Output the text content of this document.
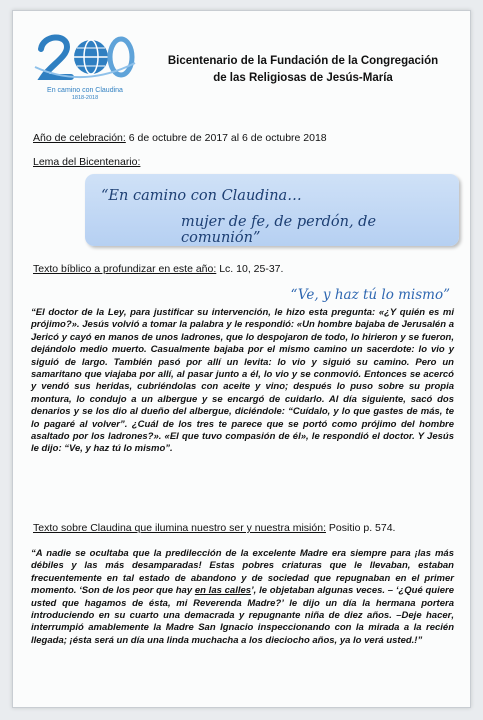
En camino con Claudina
1818-2018
Bicentenario de la Fundación de la Congregación
de las Religiosas de Jesús-María
Año de celebración: 6 de octubre de 2017 al 6 de octubre 2018
Lema del Bicentenario:
“En camino con Claudina…
mujer de fe, de perdón, de comunión”
Texto bíblico a profundizar en este año: Lc. 10, 25-37.
“Ve, y haz tú lo mismo”
“El doctor de la Ley, para justificar su intervención, le hizo esta pregunta: «¿Y quién es mi prójimo?». Jesús volvió a tomar la palabra y le respondió: «Un hombre bajaba de Jerusalén a Jericó y cayó en manos de unos ladrones, que lo despojaron de todo, lo hirieron y se fueron, dejándolo medio muerto. Casualmente bajaba por el mismo camino un sacerdote: lo vio y siguió de largo. También pasó por allí un levita: lo vio y siguió su camino. Pero un samaritano que viajaba por allí, al pasar junto a él, lo vio y se conmovió. Entonces se acercó y vendó sus heridas, cubriéndolas con aceite y vino; después lo puso sobre su propia montura, lo condujo a un albergue y se encargó de cuidarlo. Al día siguiente, sacó dos denarios y se los dio al dueño del albergue, diciéndole: “Cuídalo, y lo que gastes de más, te lo pagaré al volver”. ¿Cuál de los tres te parece que se portó como prójimo del hombre asaltado por los ladrones?». «El que tuvo compasión de él», le respondió el doctor. Y Jesús le dijo: “Ve, y haz tú lo mismo”.
Texto sobre Claudina que ilumina nuestro ser y nuestra misión: Positio p. 574.
“A nadie se ocultaba que la predilección de la excelente Madre era siempre para ¡las más débiles y las más desamparadas! Estas pobres criaturas que le llevaban, estaban frecuentemente en tal estado de abandono y de sociedad que repugnaban en el primer momento. ‘Son de los peor que hay en las calles’, le objetaban algunas veces. – ‘¿Qué quiere usted que hagamos de ésta, mi Reverenda Madre?’ le dijo un día la hermana portera introduciendo en su cuarto una demacrada y repugnante niña de diez años. –Deje hacer, interrumpió amablemente la Madre San Ignacio inspeccionando con la mirada a la recién llegada; ¡ésta será un día una linda muchacha a los dieciocho años, ya lo verá usted.!”
